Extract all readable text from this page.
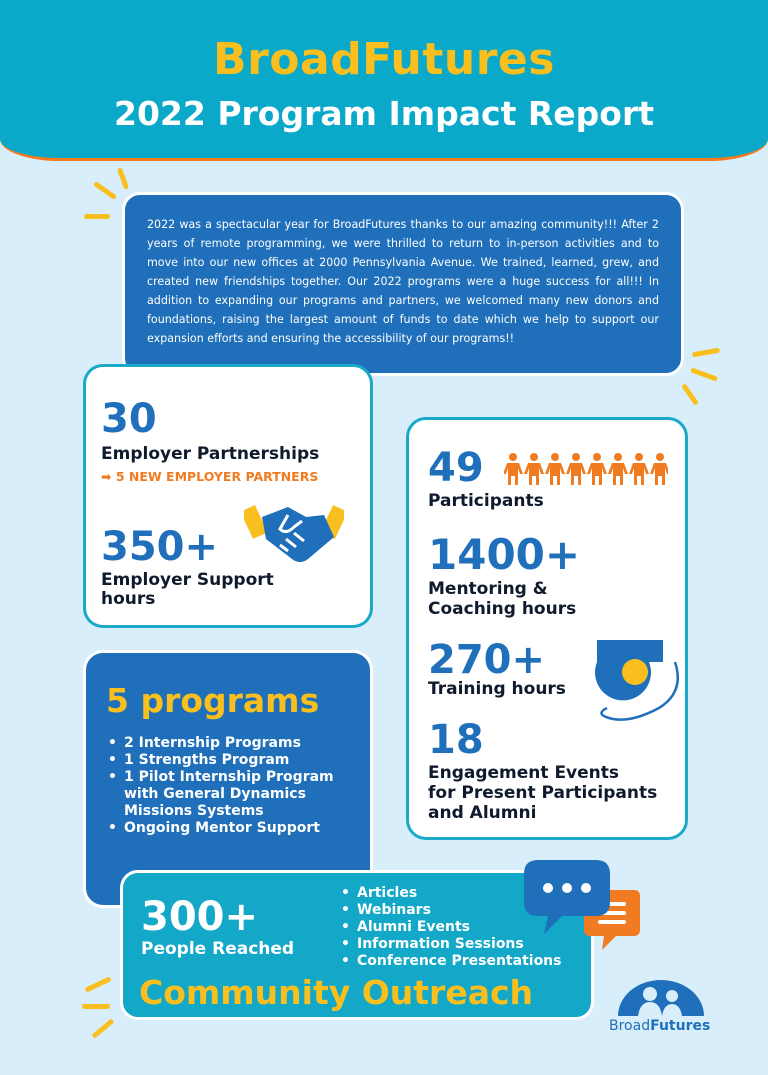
BroadFutures
2022 Program Impact Report
2022 was a spectacular year for BroadFutures thanks to our amazing community!!! After 2 years of remote programming, we were thrilled to return to in-person activities and to move into our new offices at 2000 Pennsylvania Avenue. We trained, learned, grew, and created new friendships together. Our 2022 programs were a huge success for all!!! In addition to expanding our programs and partners, we welcomed many new donors and foundations, raising the largest amount of funds to date which we help to support our expansion efforts and ensuring the accessibility of our programs!!
30
Employer Partnerships
➡ 5 NEW EMPLOYER PARTNERS
350+
Employer Support
hours
49
Participants
1400+
Mentoring &
Coaching hours
270+
Training hours
18
Engagement Events
for Present Participants
and Alumni
5 programs
• 2 Internship Programs
• 1 Strengths Program
• 1 Pilot Internship Program with General Dynamics Missions Systems
• Ongoing Mentor Support
300+
People Reached
• Articles
• Webinars
• Alumni Events
• Information Sessions
• Conference Presentations
Community Outreach
BroadFutures
